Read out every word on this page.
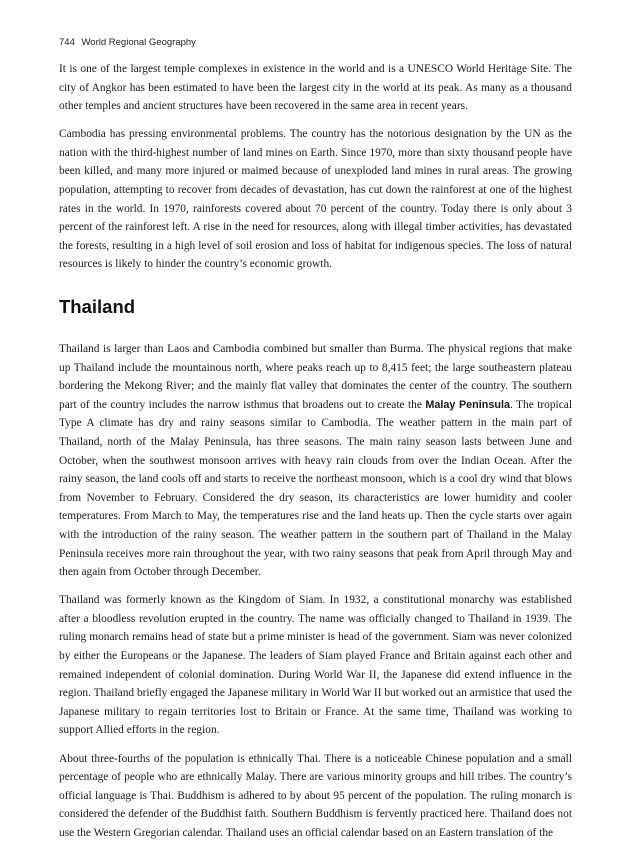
744 World Regional Geography

It is one of the largest temple complexes in existence in the world and is a UNESCO World Heritage Site. The city of Angkor has been estimated to have been the largest city in the world at its peak. As many as a thousand other temples and ancient structures have been recovered in the same area in recent years.

Cambodia has pressing environmental problems. The country has the notorious designation by the UN as the nation with the third-highest number of land mines on Earth. Since 1970, more than sixty thousand people have been killed, and many more injured or maimed because of unexploded land mines in rural areas. The growing population, attempting to recover from decades of devastation, has cut down the rainforest at one of the highest rates in the world. In 1970, rainforests covered about 70 percent of the country. Today there is only about 3 percent of the rainforest left. A rise in the need for resources, along with illegal timber activities, has devastated the forests, resulting in a high level of soil erosion and loss of habitat for indigenous species. The loss of natural resources is likely to hinder the country’s economic growth.

Thailand

Thailand is larger than Laos and Cambodia combined but smaller than Burma. The physical regions that make up Thailand include the mountainous north, where peaks reach up to 8,415 feet; the large southeastern plateau bordering the Mekong River; and the mainly flat valley that dominates the center of the country. The southern part of the country includes the narrow isthmus that broadens out to create the Malay Peninsula. The tropical Type A climate has dry and rainy seasons similar to Cambodia. The weather pattern in the main part of Thailand, north of the Malay Peninsula, has three seasons. The main rainy season lasts between June and October, when the southwest monsoon arrives with heavy rain clouds from over the Indian Ocean. After the rainy season, the land cools off and starts to receive the northeast monsoon, which is a cool dry wind that blows from November to February. Considered the dry season, its characteristics are lower humidity and cooler temperatures. From March to May, the temperatures rise and the land heats up. Then the cycle starts over again with the introduction of the rainy season. The weather pattern in the southern part of Thailand in the Malay Peninsula receives more rain throughout the year, with two rainy seasons that peak from April through May and then again from October through December.

Thailand was formerly known as the Kingdom of Siam. In 1932, a constitutional monarchy was established after a bloodless revolution erupted in the country. The name was officially changed to Thailand in 1939. The ruling monarch remains head of state but a prime minister is head of the government. Siam was never colonized by either the Europeans or the Japanese. The leaders of Siam played France and Britain against each other and remained independent of colonial domination. During World War II, the Japanese did extend influence in the region. Thailand briefly engaged the Japanese military in World War II but worked out an armistice that used the Japanese military to regain territories lost to Britain or France. At the same time, Thailand was working to support Allied efforts in the region.

About three-fourths of the population is ethnically Thai. There is a noticeable Chinese population and a small percentage of people who are ethnically Malay. There are various minority groups and hill tribes. The country’s official language is Thai. Buddhism is adhered to by about 95 percent of the population. The ruling monarch is considered the defender of the Buddhist faith. Southern Buddhism is fervently practiced here. Thailand does not use the Western Gregorian calendar. Thailand uses an official calendar based on an Eastern translation of the
